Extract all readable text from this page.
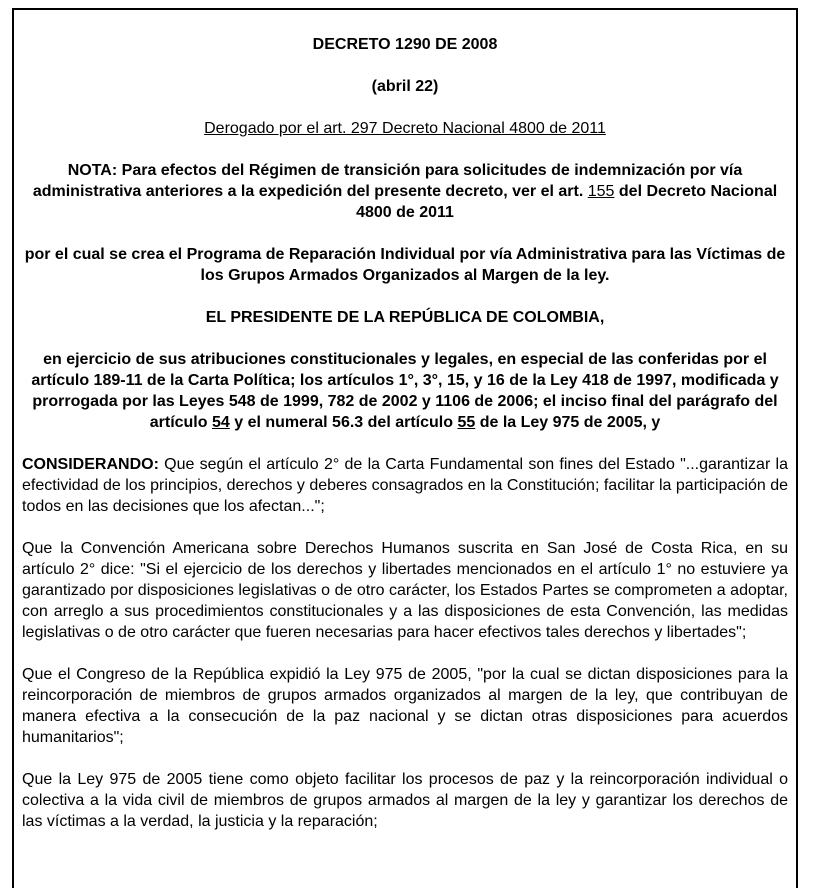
DECRETO 1290 DE 2008

(abril 22)

Derogado por el art. 297 Decreto Nacional 4800 de 2011

NOTA: Para efectos del Régimen de transición para solicitudes de indemnización por vía administrativa anteriores a la expedición del presente decreto, ver el art. 155 del Decreto Nacional 4800 de 2011

por el cual se crea el Programa de Reparación Individual por vía Administrativa para las Víctimas de los Grupos Armados Organizados al Margen de la ley.

EL PRESIDENTE DE LA REPÚBLICA DE COLOMBIA,

en ejercicio de sus atribuciones constitucionales y legales, en especial de las conferidas por el artículo 189-11 de la Carta Política; los artículos 1°, 3°, 15, y 16 de la Ley 418 de 1997, modificada y prorrogada por las Leyes 548 de 1999, 782 de 2002 y 1106 de 2006; el inciso final del parágrafo del artículo 54 y el numeral 56.3 del artículo 55 de la Ley 975 de 2005, y

CONSIDERANDO: Que según el artículo 2° de la Carta Fundamental son fines del Estado "...garantizar la efectividad de los principios, derechos y deberes consagrados en la Constitución; facilitar la participación de todos en las decisiones que los afectan...";

Que la Convención Americana sobre Derechos Humanos suscrita en San José de Costa Rica, en su artículo 2° dice: "Si el ejercicio de los derechos y libertades mencionados en el artículo 1° no estuviere ya garantizado por disposiciones legislativas o de otro carácter, los Estados Partes se comprometen a adoptar, con arreglo a sus procedimientos constitucionales y a las disposiciones de esta Convención, las medidas legislativas o de otro carácter que fueren necesarias para hacer efectivos tales derechos y libertades";

Que el Congreso de la República expidió la Ley 975 de 2005, "por la cual se dictan disposiciones para la reincorporación de miembros de grupos armados organizados al margen de la ley, que contribuyan de manera efectiva a la consecución de la paz nacional y se dictan otras disposiciones para acuerdos humanitarios";

Que la Ley 975 de 2005 tiene como objeto facilitar los procesos de paz y la reincorporación individual o colectiva a la vida civil de miembros de grupos armados al margen de la ley y garantizar los derechos de las víctimas a la verdad, la justicia y la reparación;
